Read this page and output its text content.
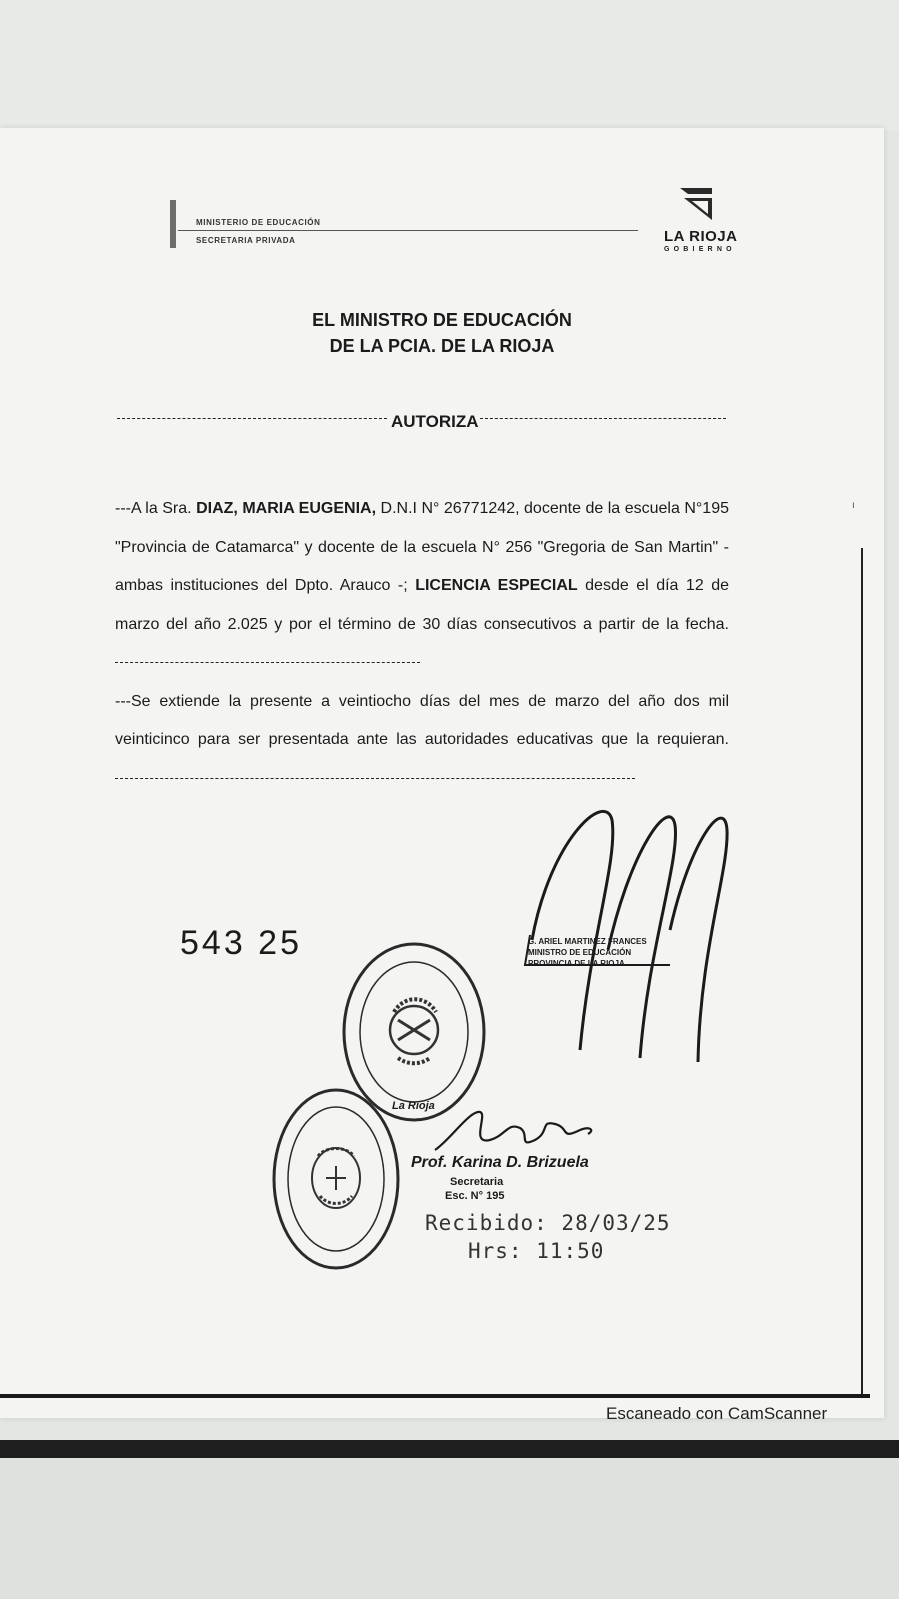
MINISTERIO DE EDUCACIÓN
SECRETARIA PRIVADA	LA RIOJA
GOBIERNO
EL MINISTRO DE EDUCACIÓN
DE LA PCIA. DE LA RIOJA
AUTORIZA

---A la Sra. DIAZ, MARIA EUGENIA, D.N.I N° 26771242, docente de la escuela N°195 "Provincia de Catamarca" y docente de la escuela N° 256 "Gregoria de San Martin" -ambas instituciones del Dpto. Arauco -; LICENCIA ESPECIAL desde el día 12 de marzo del año 2.025 y por el término de 30 días consecutivos a partir de la fecha.

---Se extiende la presente a veintiocho días del mes de marzo del año dos mil veinticinco para ser presentada ante las autoridades educativas que la requieran.

ı
543 25	G. ARIEL MARTINEZ FRANCES
MINISTRO DE EDUCACIÓN
PROVINCIA DE LA RIOJA
La Rioja
Prof. Karina D. Brizuela
Secretaria
Esc. N° 195
Recibido: 28/03/25
Hrs: 11:50
Escaneado con CamScanner
